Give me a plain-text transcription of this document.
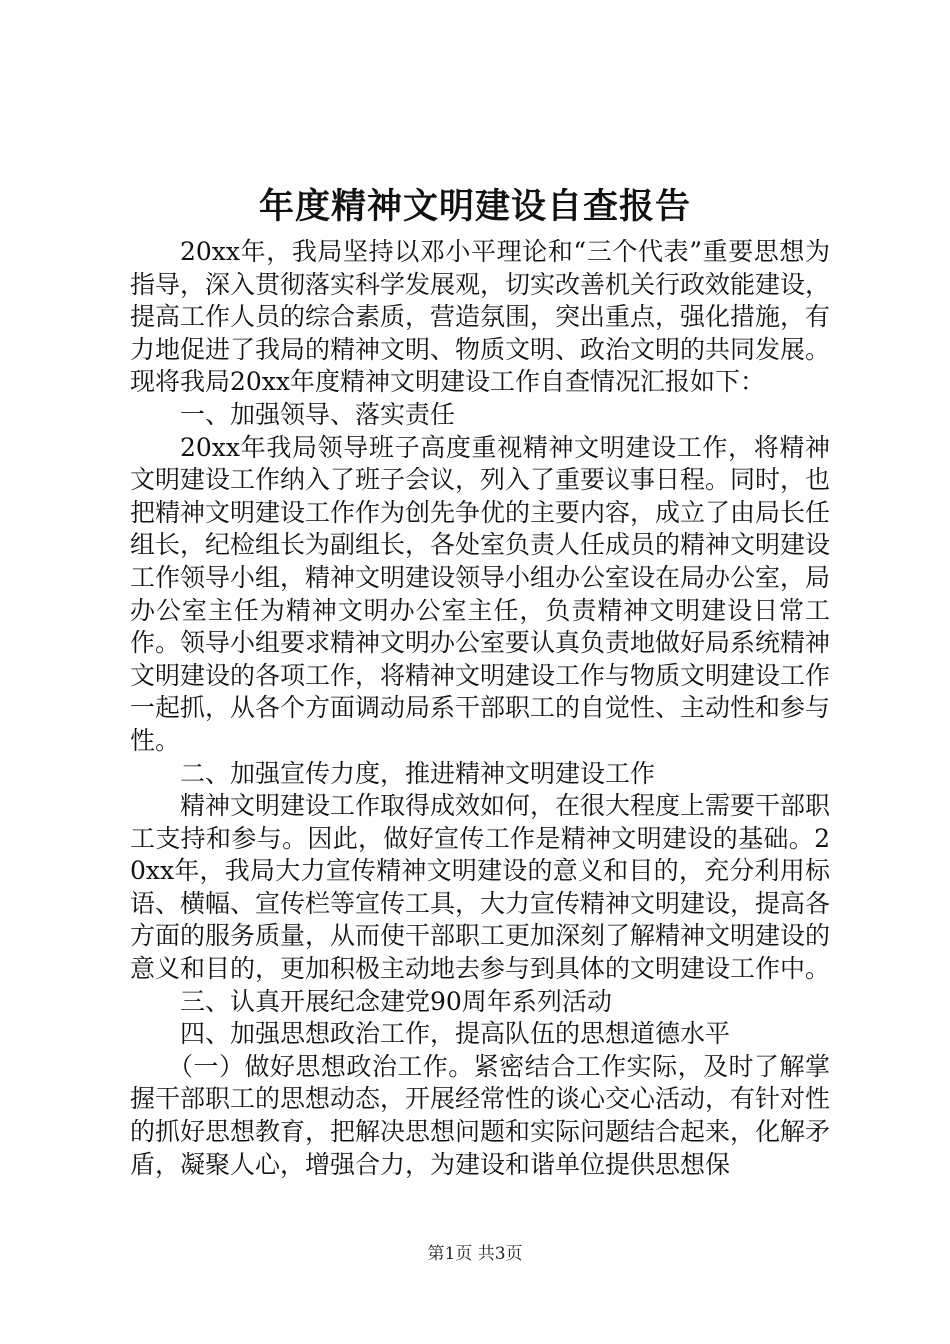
年度精神文明建设自查报告

20xx年，我局坚持以邓小平理论和“三个代表”重要思想为指导，深入贯彻落实科学发展观，切实改善机关行政效能建设，提高工作人员的综合素质，营造氛围，突出重点，强化措施，有力地促进了我局的精神文明、物质文明、政治文明的共同发展。现将我局20xx年度精神文明建设工作自查情况汇报如下：

一、加强领导、落实责任

20xx年我局领导班子高度重视精神文明建设工作，将精神文明建设工作纳入了班子会议，列入了重要议事日程。同时，也把精神文明建设工作作为创先争优的主要内容，成立了由局长任组长，纪检组长为副组长，各处室负责人任成员的精神文明建设工作领导小组，精神文明建设领导小组办公室设在局办公室，局办公室主任为精神文明办公室主任，负责精神文明建设日常工作。领导小组要求精神文明办公室要认真负责地做好局系统精神文明建设的各项工作，将精神文明建设工作与物质文明建设工作一起抓，从各个方面调动局系干部职工的自觉性、主动性和参与性。

二、加强宣传力度，推进精神文明建设工作

精神文明建设工作取得成效如何，在很大程度上需要干部职工支持和参与。因此，做好宣传工作是精神文明建设的基础。20xx年，我局大力宣传精神文明建设的意义和目的，充分利用标语、横幅、宣传栏等宣传工具，大力宣传精神文明建设，提高各方面的服务质量，从而使干部职工更加深刻了解精神文明建设的意义和目的，更加积极主动地去参与到具体的文明建设工作中。

三、认真开展纪念建党90周年系列活动

四、加强思想政治工作，提高队伍的思想道德水平

（一）做好思想政治工作。紧密结合工作实际，及时了解掌握干部职工的思想动态，开展经常性的谈心交心活动，有针对性的抓好思想教育，把解决思想问题和实际问题结合起来，化解矛盾，凝聚人心，增强合力，为建设和谐单位提供思想保

第1页 共3页
